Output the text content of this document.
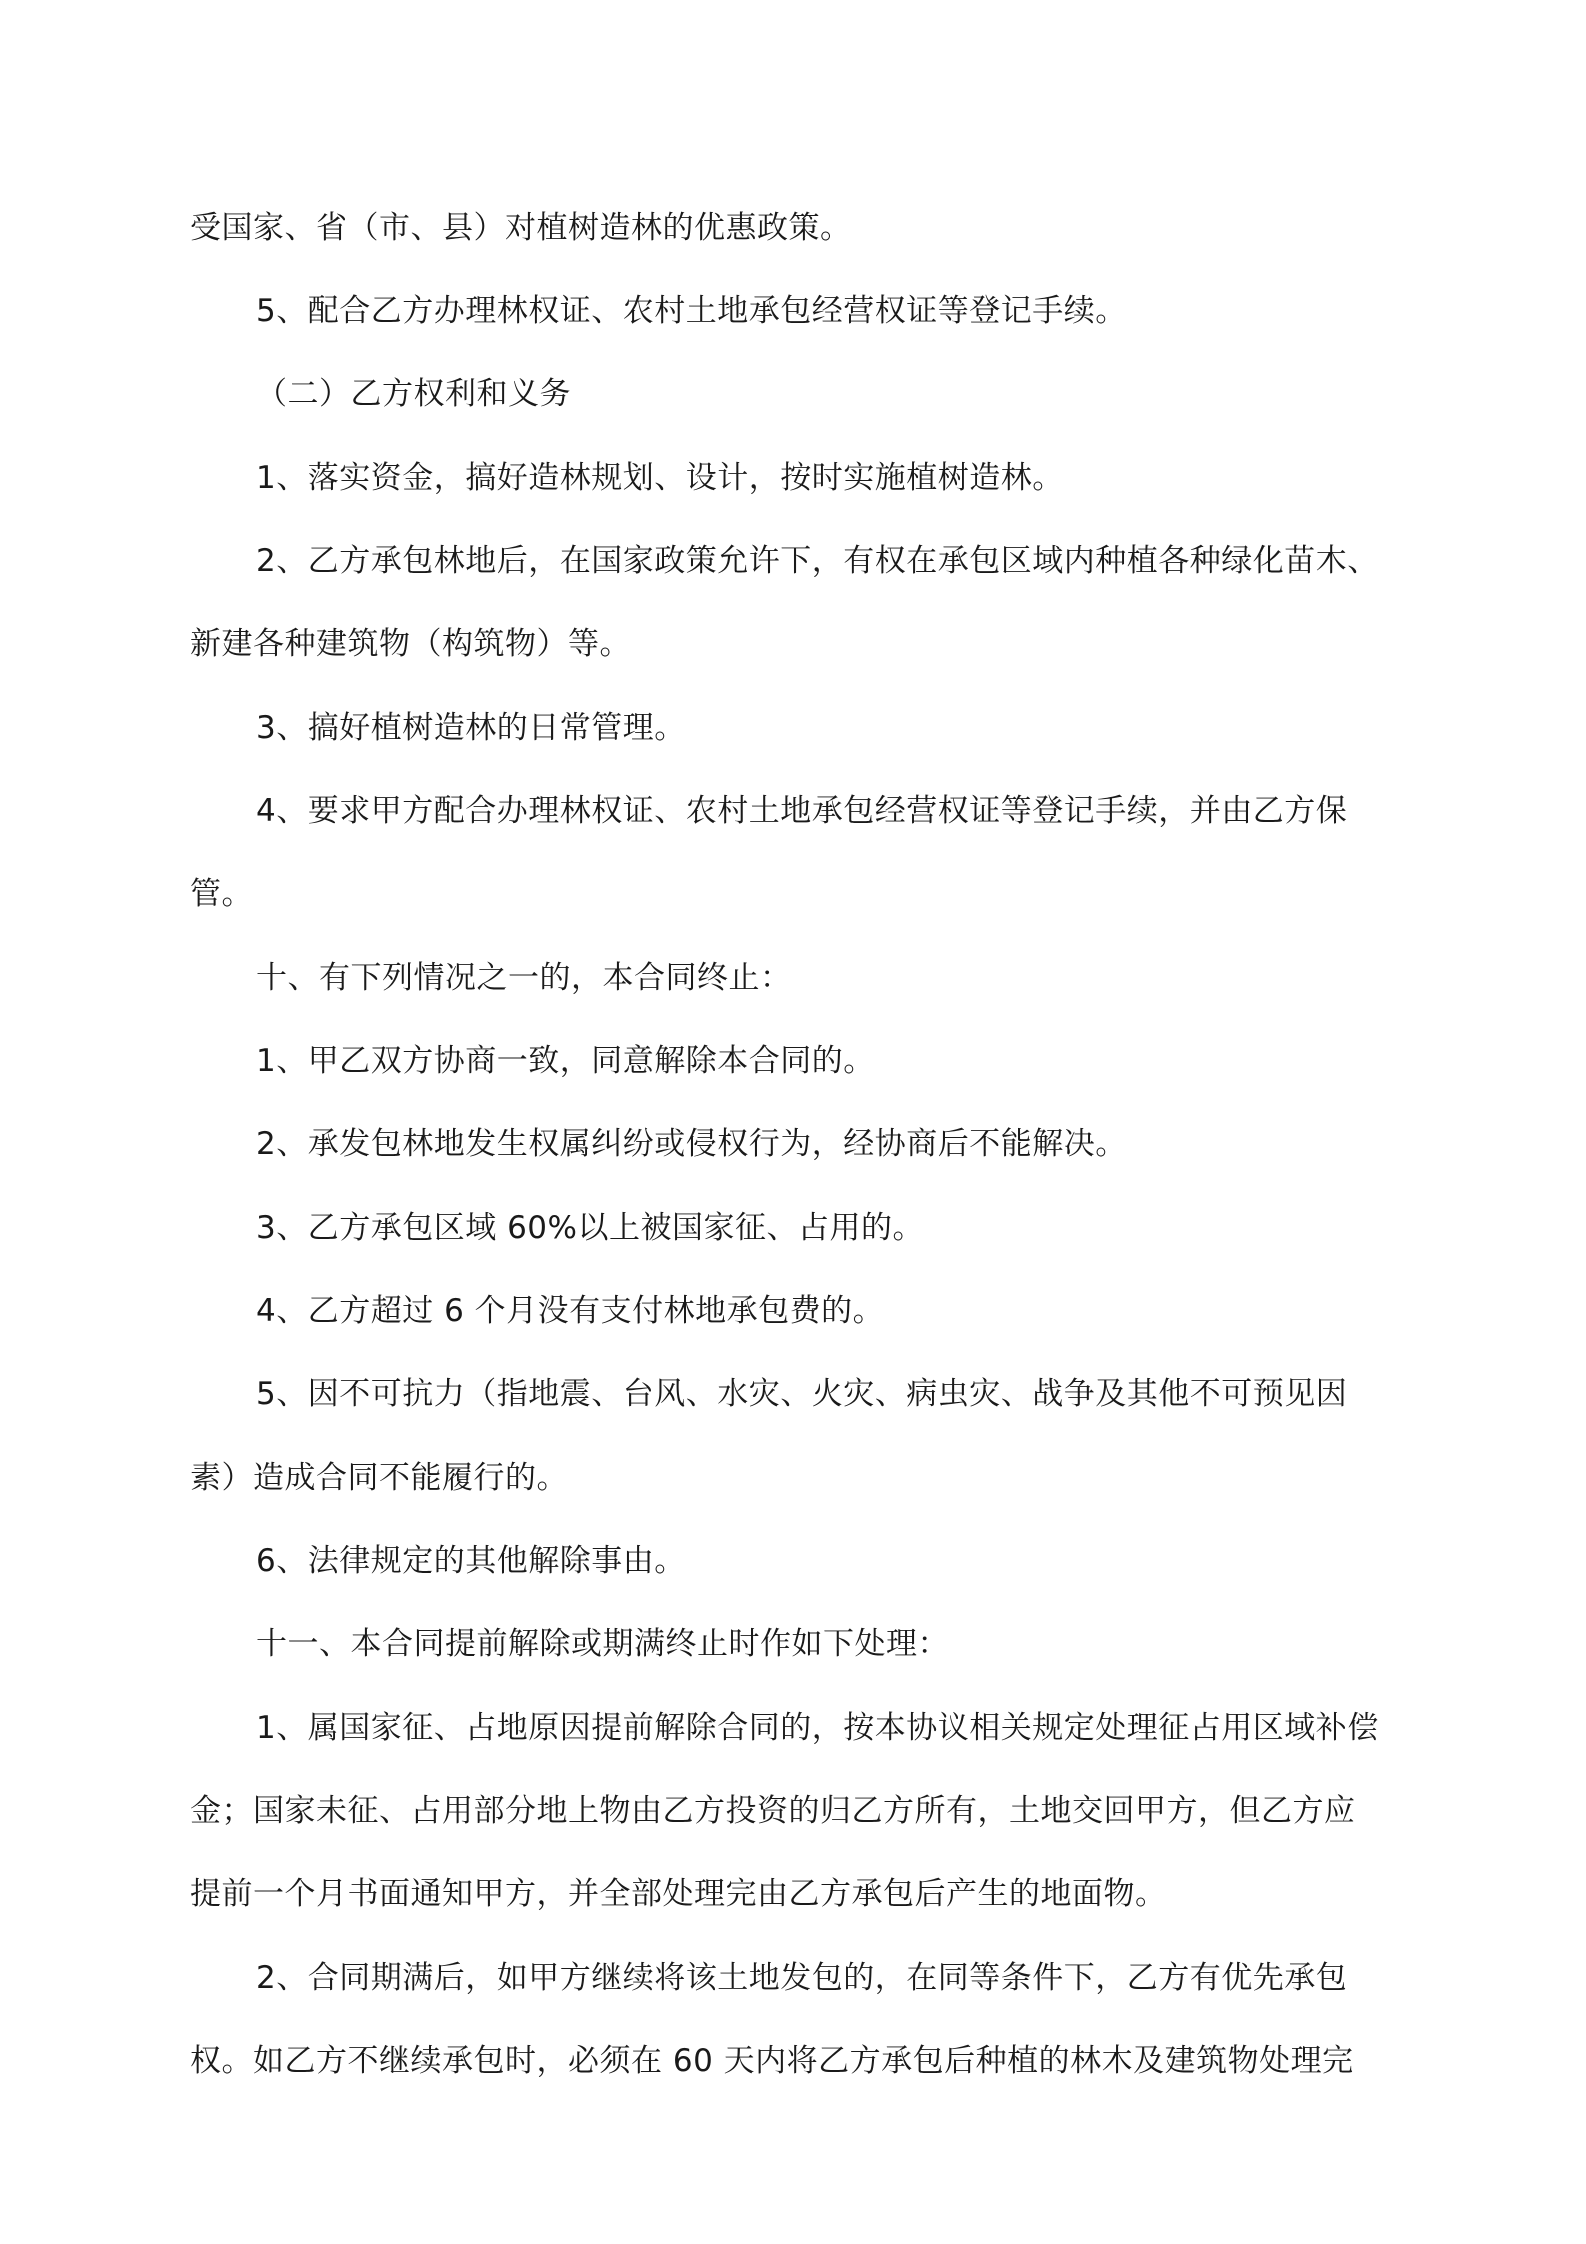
受国家、省（市、县）对植树造林的优惠政策。
5、配合乙方办理林权证、农村土地承包经营权证等登记手续。
（二）乙方权利和义务
1、落实资金，搞好造林规划、设计，按时实施植树造林。
2、乙方承包林地后，在国家政策允许下，有权在承包区域内种植各种绿化苗木、
新建各种建筑物（构筑物）等。
3、搞好植树造林的日常管理。
4、要求甲方配合办理林权证、农村土地承包经营权证等登记手续，并由乙方保
管。
十、有下列情况之一的，本合同终止：
1、甲乙双方协商一致，同意解除本合同的。
2、承发包林地发生权属纠纷或侵权行为，经协商后不能解决。
3、乙方承包区域 60%以上被国家征、占用的。
4、乙方超过 6 个月没有支付林地承包费的。
5、因不可抗力（指地震、台风、水灾、火灾、病虫灾、战争及其他不可预见因
素）造成合同不能履行的。
6、法律规定的其他解除事由。
十一、本合同提前解除或期满终止时作如下处理：
1、属国家征、占地原因提前解除合同的，按本协议相关规定处理征占用区域补偿
金；国家未征、占用部分地上物由乙方投资的归乙方所有，土地交回甲方，但乙方应
提前一个月书面通知甲方，并全部处理完由乙方承包后产生的地面物。
2、合同期满后，如甲方继续将该土地发包的，在同等条件下，乙方有优先承包
权。如乙方不继续承包时，必须在 60 天内将乙方承包后种植的林木及建筑物处理完
